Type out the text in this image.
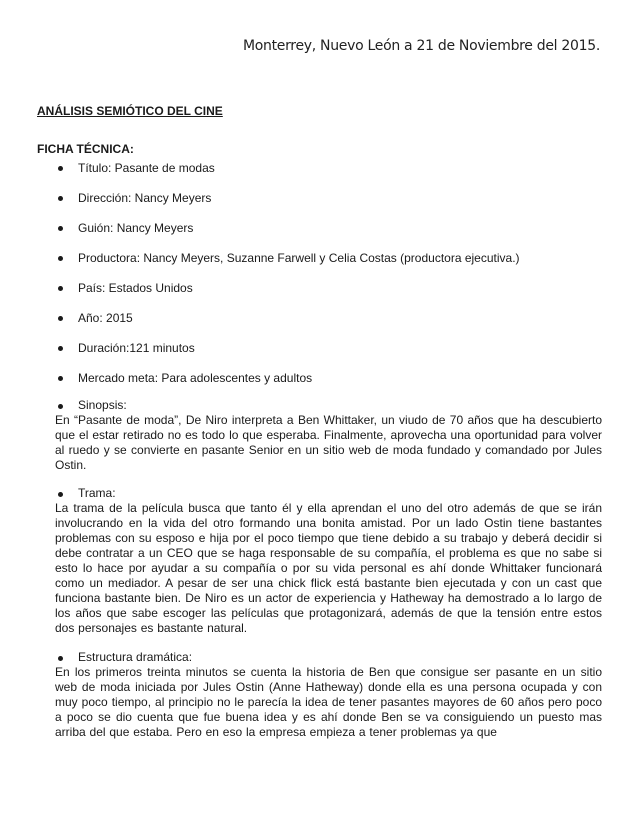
Monterrey, Nuevo León a 21 de Noviembre del 2015.
ANÁLISIS SEMIÓTICO DEL CINE
FICHA TÉCNICA:
Título: Pasante de modas
Dirección: Nancy Meyers
Guión: Nancy Meyers
Productora: Nancy Meyers, Suzanne Farwell y Celia Costas (productora ejecutiva.)
País: Estados Unidos
Año: 2015
Duración:121 minutos
Mercado meta: Para adolescentes y adultos
Sinopsis:
En “Pasante de moda”, De Niro interpreta a Ben Whittaker, un viudo de 70 años que ha descubierto que el estar retirado no es todo lo que esperaba. Finalmente, aprovecha una oportunidad para volver al ruedo y se convierte en pasante Senior en un sitio web de moda fundado y comandado por Jules Ostin.
Trama:
La trama de la película busca que tanto él y ella aprendan el uno del otro además de que se irán involucrando en la vida del otro formando una bonita amistad. Por un lado Ostin tiene bastantes problemas con su esposo e hija por el poco tiempo que tiene debido a su trabajo y deberá decidir si debe contratar a un CEO que se haga responsable de su compañía, el problema es que no sabe si esto lo hace por ayudar a su compañía o por su vida personal es ahí donde Whittaker funcionará como un mediador. A pesar de ser una chick flick está bastante bien ejecutada y con un cast que funciona bastante bien. De Niro es un actor de experiencia y Hatheway ha demostrado a lo largo de los años que sabe escoger las películas que protagonizará, además de que la tensión entre estos dos personajes es bastante natural.
Estructura dramática:
En los primeros treinta minutos se cuenta la historia de Ben que consigue ser pasante en un sitio web de moda iniciada por Jules Ostin (Anne Hatheway) donde ella es una persona ocupada y con muy poco tiempo, al principio no le parecía la idea de tener pasantes mayores de 60 años pero poco a poco se dio cuenta que fue buena idea y es ahí donde Ben se va consiguiendo un puesto mas arriba del que estaba. Pero en eso la empresa empieza a tener problemas ya que
